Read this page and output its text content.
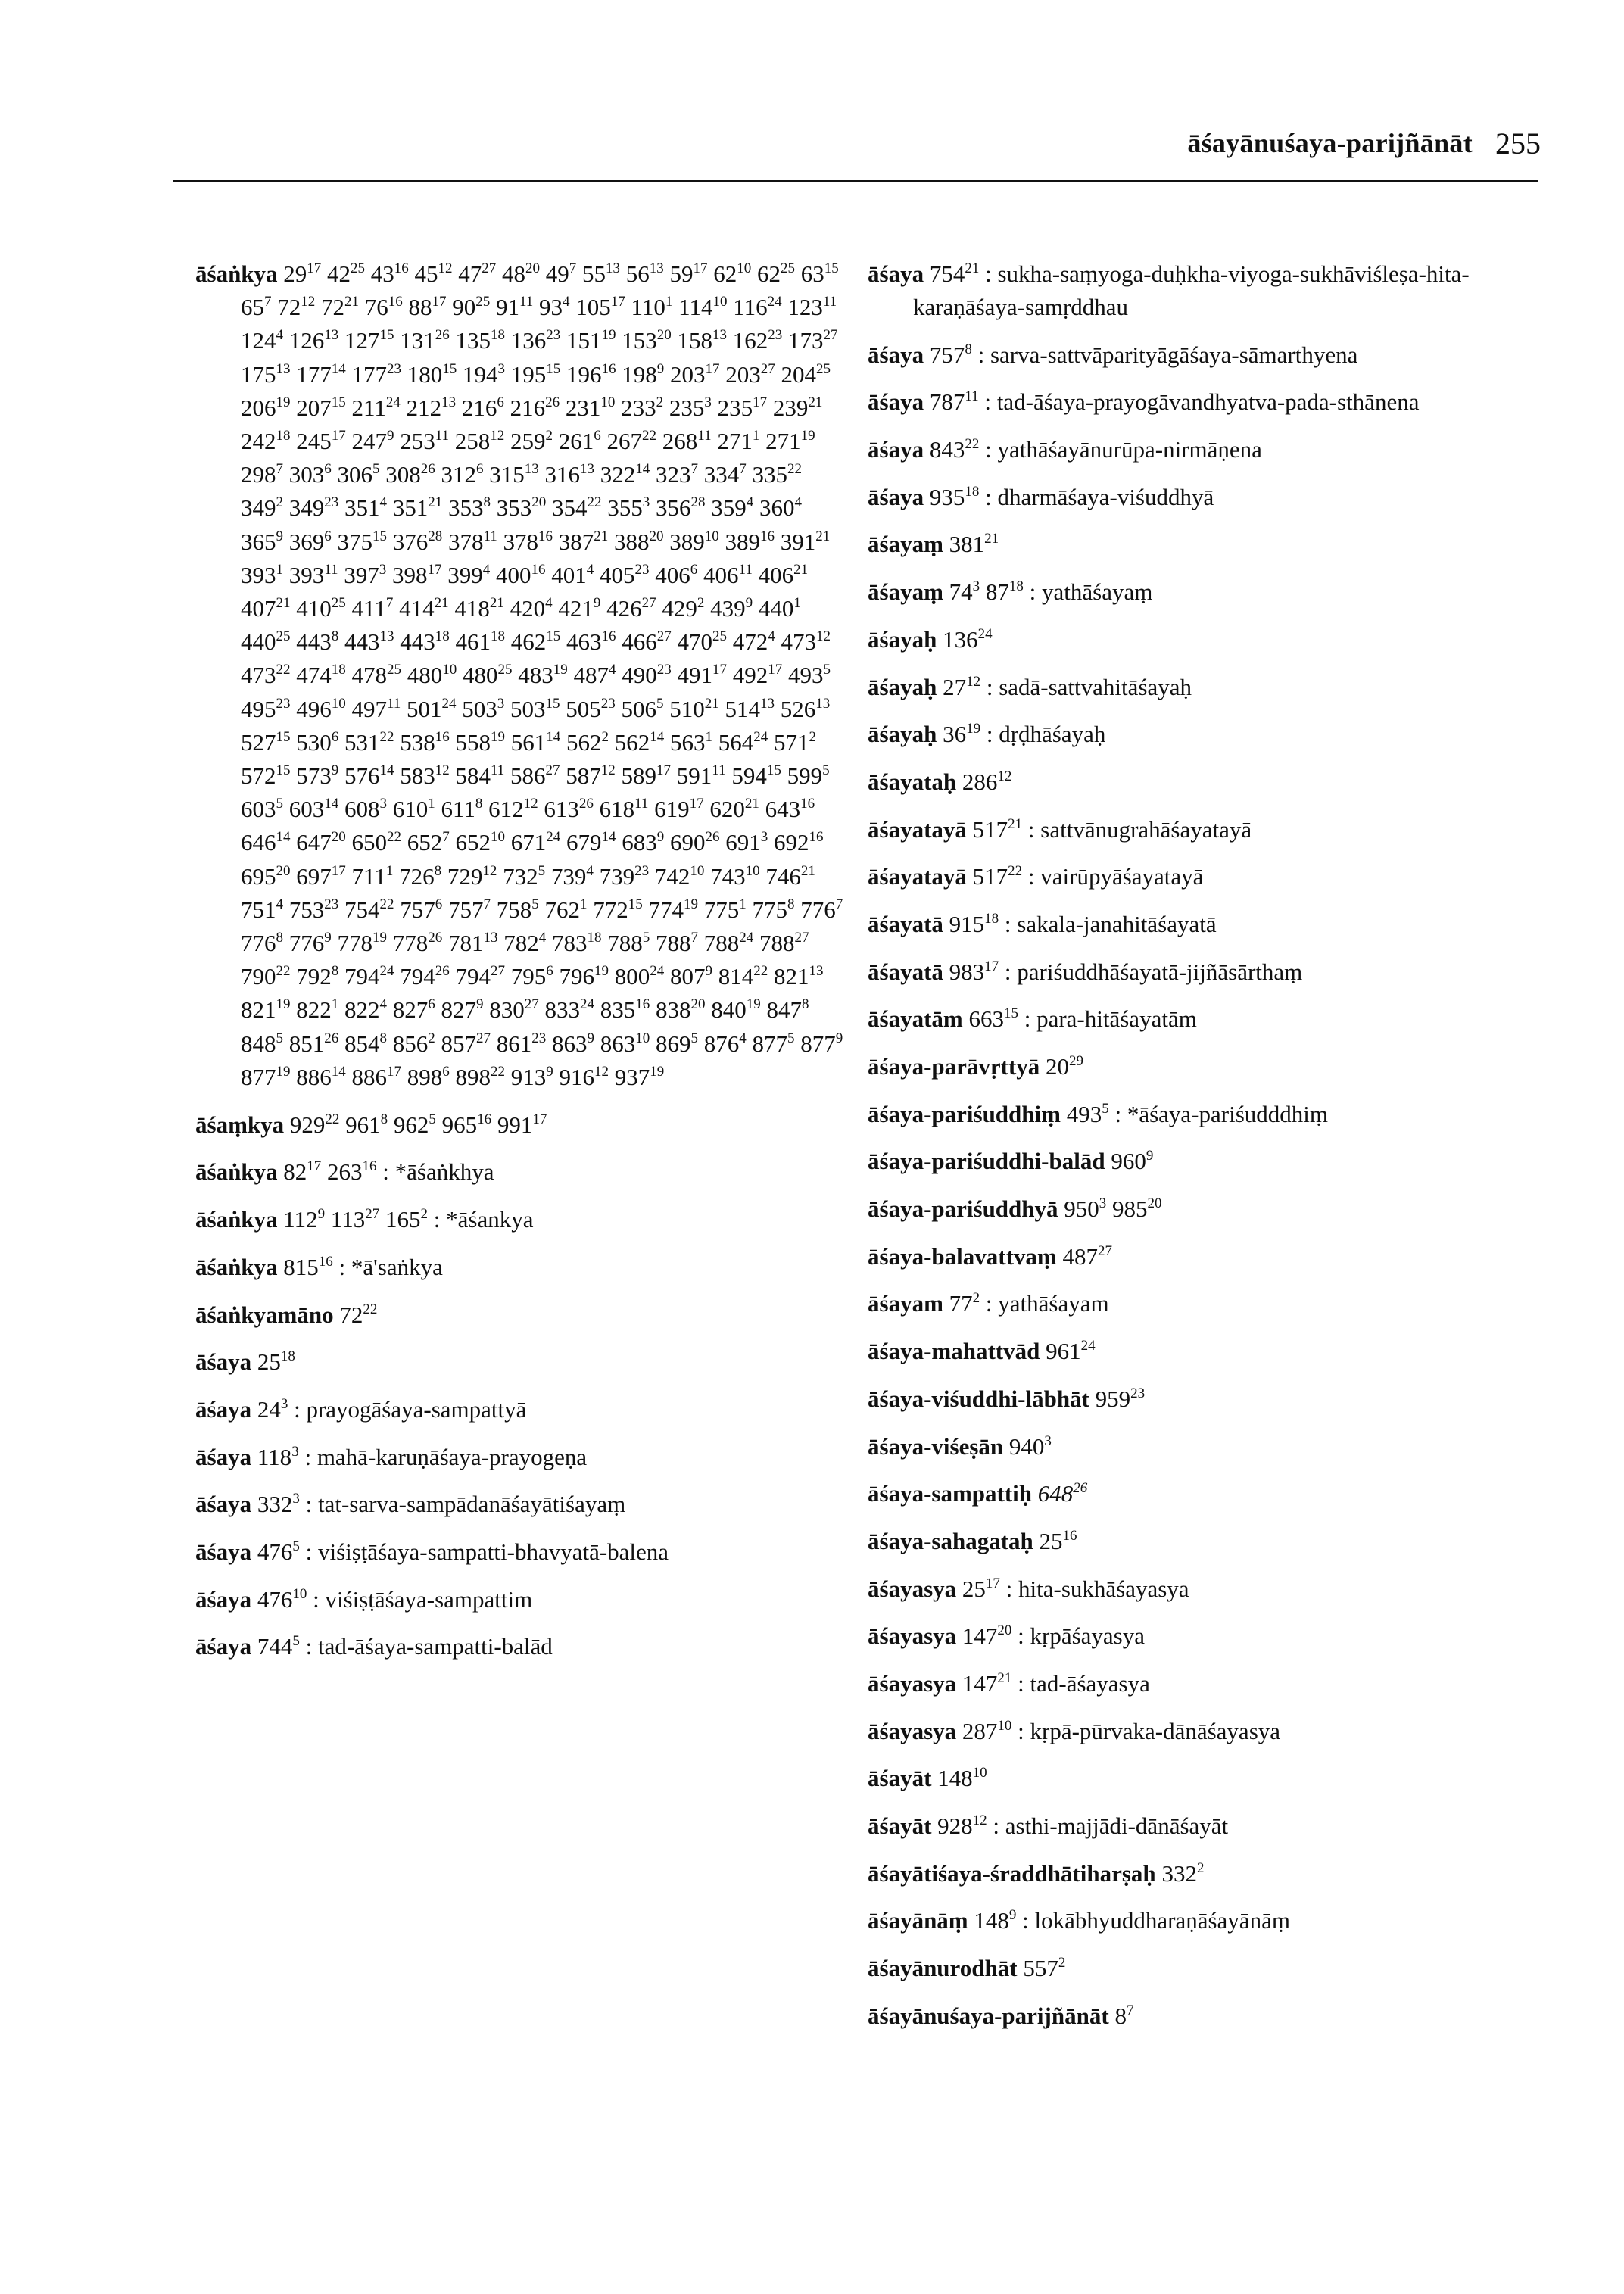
āśayānuśaya-parijñānāt 255
āśaṅkya $29^{17}$ $42^{25}$ $43^{16}$ $45^{12}$ $47^{27}$ $48^{20}$ $49^7$ $55^{13}$ $56^{13}$ $59^{17}$ $62^{10}$ $62^{25}$ $63^{15}$ $65^7$ $72^{12}$ $72^{21}$ $76^{16}$ $88^{17}$ $90^{25}$ $91^{11}$ $93^4$ $105^{17}$ $110^1$ $114^{10}$ $116^{24}$ $123^{11}$ $124^4$ $126^{13}$ $127^{15}$ $131^{26}$ $135^{18}$ $136^{23}$ $151^{19}$ $153^{20}$ $158^{13}$ $162^{23}$ $173^{27}$ $175^{13}$ $177^{14}$ $177^{23}$ $180^{15}$ $194^3$ $195^{15}$ $196^{16}$ $198^9$ $203^{17}$ $203^{27}$ $204^{25}$ $206^{19}$ $207^{15}$ $211^{24}$ $212^{13}$ $216^6$ $216^{26}$ $231^{10}$ $233^2$ $235^3$ $235^{17}$ $239^{21}$ $242^{18}$ $245^{17}$ $247^9$ $253^{11}$ $258^{12}$ $259^2$ $261^6$ $267^{22}$ $268^{11}$ $271^1$ $271^{19}$ $298^7$ $303^6$ $306^5$ $308^{26}$ $312^6$ $315^{13}$ $316^{13}$ $322^{14}$ $323^7$ $334^7$ $335^{22}$ $349^2$ $349^{23}$ $351^4$ $351^{21}$ $353^8$ $353^{20}$ $354^{22}$ $355^3$ $356^{28}$ $359^4$ $360^4$ $365^9$ $369^6$ $375^{15}$ $376^{28}$ $378^{11}$ $378^{16}$ $387^{21}$ $388^{20}$ $389^{10}$ $389^{16}$ $391^{21}$ $393^1$ $393^{11}$ $397^3$ $398^{17}$ $399^4$ $400^{16}$ $401^4$ $405^{23}$ $406^6$ $406^{11}$ $406^{21}$ $407^{21}$ $410^{25}$ $411^7$ $414^{21}$ $418^{21}$ $420^4$ $421^9$ $426^{27}$ $429^2$ $439^9$ $440^1$ $440^{25}$ $443^8$ $443^{13}$ $443^{18}$ $461^{18}$ $462^{15}$ $463^{16}$ $466^{27}$ $470^{25}$ $472^4$ $473^{12}$ $473^{22}$ $474^{18}$ $478^{25}$ $480^{10}$ $480^{25}$ $483^{19}$ $487^4$ $490^{23}$ $491^{17}$ $492^{17}$ $493^5$ $495^{23}$ $496^{10}$ $497^{11}$ $501^{24}$ $503^3$ $503^{15}$ $505^{23}$ $506^5$ $510^{21}$ $514^{13}$ $526^{13}$ $527^{15}$ $530^6$ $531^{22}$ $538^{16}$ $558^{19}$ $561^{14}$ $562^2$ $562^{14}$ $563^1$ $564^{24}$ $571^2$ $572^{15}$ $573^9$ $576^{14}$ $583^{12}$ $584^{11}$ $586^{27}$ $587^{12}$ $589^{17}$ $591^{11}$ $594^{15}$ $599^5$ $603^5$ $603^{14}$ $608^3$ $610^1$ $611^8$ $612^{12}$ $613^{26}$ $618^{11}$ $619^{17}$ $620^{21}$ $643^{16}$ $646^{14}$ $647^{20}$ $650^{22}$ $652^7$ $652^{10}$ $671^{24}$ $679^{14}$ $683^9$ $690^{26}$ $691^3$ $692^{16}$ $695^{20}$ $697^{17}$ $711^1$ $726^8$ $729^{12}$ $732^5$ $739^4$ $739^{23}$ $742^{10}$ $743^{10}$ $746^{21}$ $751^4$ $753^{23}$ $754^{22}$ $757^6$ $757^7$ $758^5$ $762^1$ $772^{15}$ $774^{19}$ $775^1$ $775^8$ $776^7$ $776^8$ $776^9$ $778^{19}$ $778^{26}$ $781^{13}$ $782^4$ $783^{18}$ $788^5$ $788^7$ $788^{24}$ $788^{27}$ $790^{22}$ $792^8$ $794^{24}$ $794^{26}$ $794^{27}$ $795^6$ $796^{19}$ $800^{24}$ $807^9$ $814^{22}$ $821^{13}$ $821^{19}$ $822^1$ $822^4$ $827^6$ $827^9$ $830^{27}$ $833^{24}$ $835^{16}$ $838^{20}$ $840^{19}$ $847^8$ $848^5$ $851^{26}$ $854^8$ $856^2$ $857^{27}$ $861^{23}$ $863^9$ $863^{10}$ $869^5$ $876^4$ $877^5$ $877^9$ $877^{19}$ $886^{14}$ $886^{17}$ $898^6$ $898^{22}$ $913^9$ $916^{12}$ $937^{19}$
āśaṃkya $929^{22}$ $961^8$ $962^5$ $965^{16}$ $991^{17}$
āśaṅkya $82^{17}$ $263^{16}$ : *āśaṅkhya
āśaṅkya $112^9$ $113^{27}$ $165^2$ : *āśankya
āśaṅkya $815^{16}$ : *ā'saṅkya
āśaṅkyamāno $72^{22}$
āśaya $25^{18}$
āśaya $24^3$ : prayogāśaya-sampattyā
āśaya $118^3$ : mahā-karuṇāśaya-prayogeṇa
āśaya $332^3$ : tat-sarva-sampādanāśayātiśayaṃ
āśaya $476^5$ : viśiṣṭāśaya-sampatti-bhavyatā-balena
āśaya $476^{10}$ : viśiṣṭāśaya-sampattim
āśaya $744^5$ : tad-āśaya-sampatti-balād
āśaya $754^{21}$ : sukha-saṃyoga-duḥkha-viyoga-sukhāviśleṣa-hita-karaṇāśaya-samṛddhau
āśaya $757^8$ : sarva-sattvāparityāgāśaya-sāmarthyena
āśaya $787^{11}$ : tad-āśaya-prayogāvandhyatva-pada-sthānena
āśaya $843^{22}$ : yathāśayānurūpa-nirmāṇena
āśaya $935^{18}$ : dharmāśaya-viśuddhyā
āśayaṃ $381^{21}$
āśayaṃ $74^3$ $87^{18}$ : yathāśayaṃ
āśayaḥ $136^{24}$
āśayaḥ $27^{12}$ : sadā-sattvahitāśayaḥ
āśayaḥ $36^{19}$ : dṛḍhāśayaḥ
āśayataḥ $286^{12}$
āśayatayā $517^{21}$ : sattvānugrahāśayatayā
āśayatayā $517^{22}$ : vairūpyāśayatayā
āśayatā $915^{18}$ : sakala-janahitāśayatā
āśayatā $983^{17}$ : pariśuddhāśayatā-jijñāsārthaṃ
āśayatām $663^{15}$ : para-hitāśayatām
āśaya-parāvṛttyā $20^{29}$
āśaya-pariśuddhiṃ $493^5$ : *āśaya-pariśudddhiṃ
āśaya-pariśuddhi-balād $960^9$
āśaya-pariśuddhyā $950^3$ $985^{20}$
āśaya-balavattvaṃ $487^{27}$
āśayam $77^2$ : yathāśayam
āśaya-mahattvād $961^{24}$
āśaya-viśuddhi-lābhāt $959^{23}$
āśaya-viśeṣān $940^3$
āśaya-sampattiḥ $648^{26}$
āśaya-sahagataḥ $25^{16}$
āśayasya $25^{17}$ : hita-sukhāśayasya
āśayasya $147^{20}$ : kṛpāśayasya
āśayasya $147^{21}$ : tad-āśayasya
āśayasya $287^{10}$ : kṛpā-pūrvaka-dānāśayasya
āśayāt $148^{10}$
āśayāt $928^{12}$ : asthi-majjādi-dānāśayāt
āśayātiśaya-śraddhātiharṣaḥ $332^2$
āśayānāṃ $148^9$ : lokābhyuddharaṇāśayānāṃ
āśayānurodhāt $557^2$
āśayānuśaya-parijñānāt $8^7$
